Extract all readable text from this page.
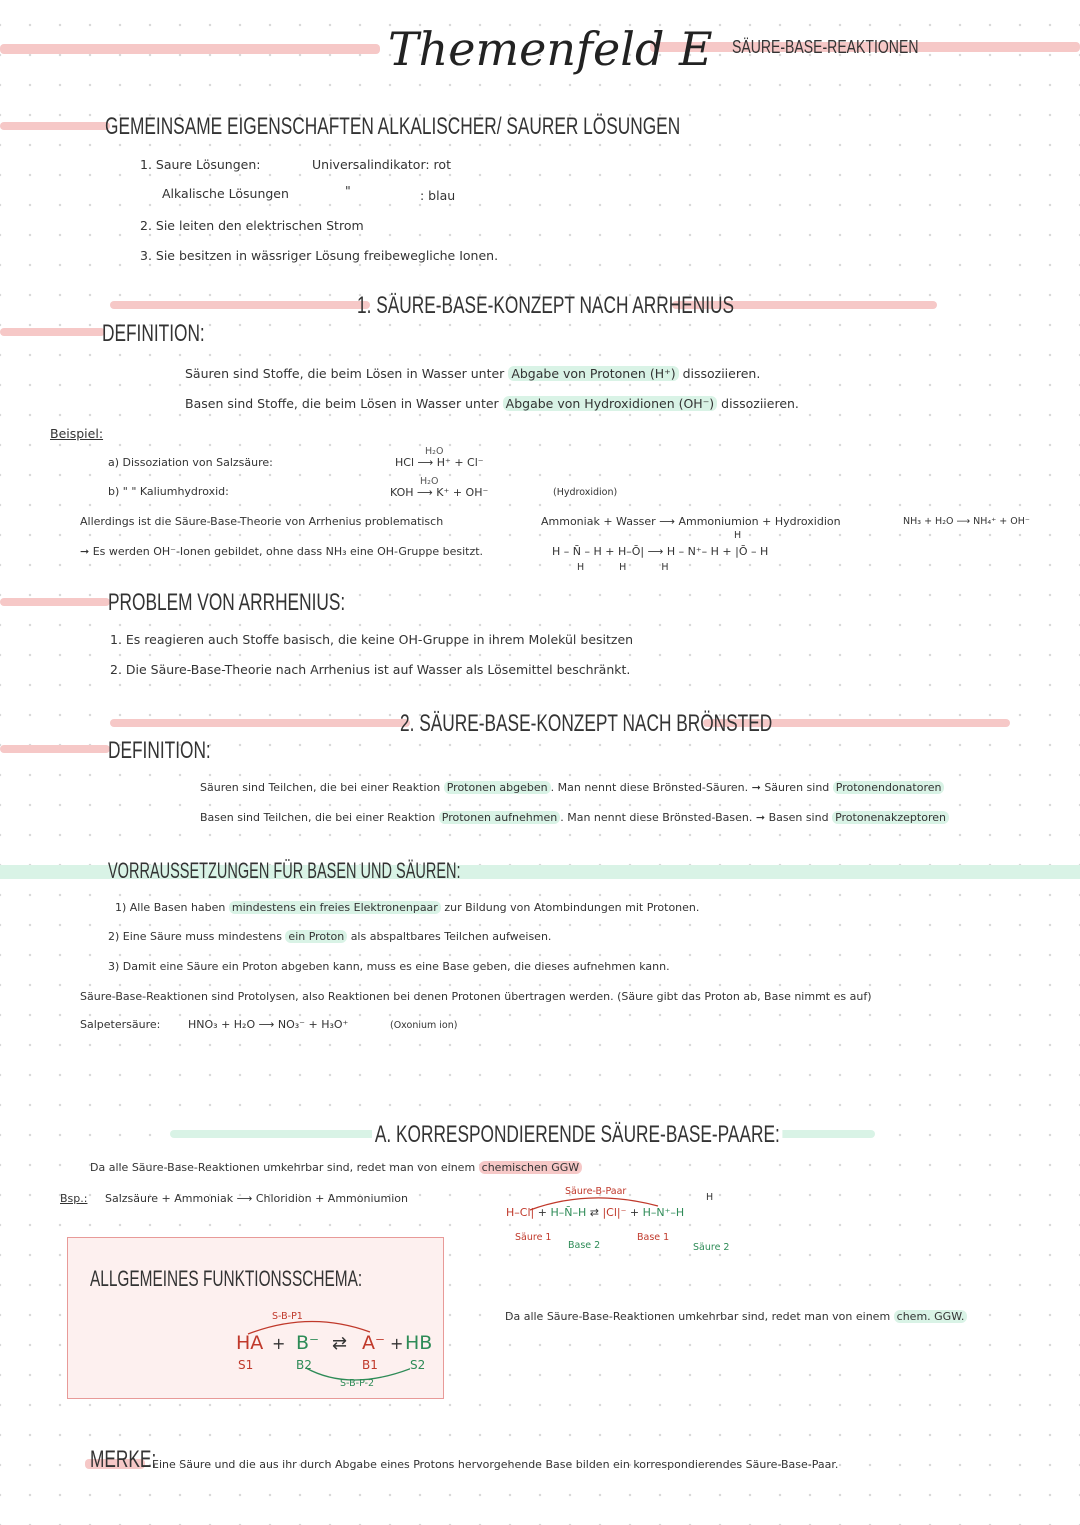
Themenfeld E SÄURE-BASE-REAKTIONEN
GEMEINSAME EIGENSCHAFTEN ALKALISCHER/ SAURER LÖSUNGEN
1. Saure Lösungen:	Universalindikator: rot
Alkalische Lösungen	"	: blau
2. Sie leiten den elektrischen Strom
3. Sie besitzen in wässriger Lösung freibewegliche Ionen.
1. SÄURE-BASE-KONZEPT NACH ARRHENIUS
DEFINITION:
Säuren sind Stoffe, die beim Lösen in Wasser unter Abgabe von Protonen (H⁺) dissoziieren.
Basen sind Stoffe, die beim Lösen in Wasser unter Abgabe von Hydroxidionen (OH⁻) dissoziieren.
Beispiel:
a) Dissoziation von Salzsäure:
H₂O
HCl ⟶ H⁺ + Cl⁻
b) " " Kaliumhydroxid:
H₂O
KOH ⟶ K⁺ + OH⁻	(Hydroxidion)
Allerdings ist die Säure-Base-Theorie von Arrhenius problematisch	Ammoniak + Wasser ⟶ Ammoniumion + Hydroxidion	NH₃ + H₂O ⟶ NH₄⁺ + OH⁻
➞ Es werden OH⁻-Ionen gebildet, ohne dass NH₃ eine OH-Gruppe besitzt.
H
H – N̄ – H + H–Ō| ⟶ H – N⁺– H + |Ō – H
H H H
PROBLEM VON ARRHENIUS:
1. Es reagieren auch Stoffe basisch, die keine OH-Gruppe in ihrem Molekül besitzen
2. Die Säure-Base-Theorie nach Arrhenius ist auf Wasser als Lösemittel beschränkt.
2. SÄURE-BASE-KONZEPT NACH BRÖNSTED
DEFINITION:
Säuren sind Teilchen, die bei einer Reaktion Protonen abgeben . Man nennt diese Brönsted-Säuren. ➞ Säuren sind Protonendonatoren
Basen sind Teilchen, die bei einer Reaktion Protonen aufnehmen . Man nennt diese Brönsted-Basen. ➞ Basen sind Protonenakzeptoren
VORRAUSSETZUNGEN FÜR BASEN UND SÄUREN:
1) Alle Basen haben mindestens ein freies Elektronenpaar zur Bildung von Atombindungen mit Protonen.
2) Eine Säure muss mindestens ein Proton als abspaltbares Teilchen aufweisen.
3) Damit eine Säure ein Proton abgeben kann, muss es eine Base geben, die dieses aufnehmen kann.
Säure-Base-Reaktionen sind Protolysen, also Reaktionen bei denen Protonen übertragen werden. (Säure gibt das Proton ab, Base nimmt es auf)
Salpetersäure:	HNO₃ + H₂O ⟶ NO₃⁻ + H₃O⁺	(Oxonium ion)
A. KORRESPONDIERENDE SÄURE-BASE-PAARE:
Da alle Säure-Base-Reaktionen umkehrbar sind, redet man von einem chemischen GGW
Bsp.: Salzsäure + Ammoniak ⟶ Chloridion + Ammoniumion
Säure-B-Paar
H
H–Cl| + H–N̄–H ⇄ |Cl|⁻ + H–N⁺–H
Säure 1
Base 2
Base 1
Säure 2
Da alle Säure-Base-Reaktionen umkehrbar sind, redet man von einem chem. GGW.
ALLGEMEINES FUNKTIONSSCHEMA:
S-B-P1
HA + B⁻ ⇄ A⁻ + HB
S1	B2	B1	S2
S-B-P-2
MERKE:
Eine Säure und die aus ihr durch Abgabe eines Protons hervorgehende Base bilden ein korrespondierendes Säure-Base-Paar.
